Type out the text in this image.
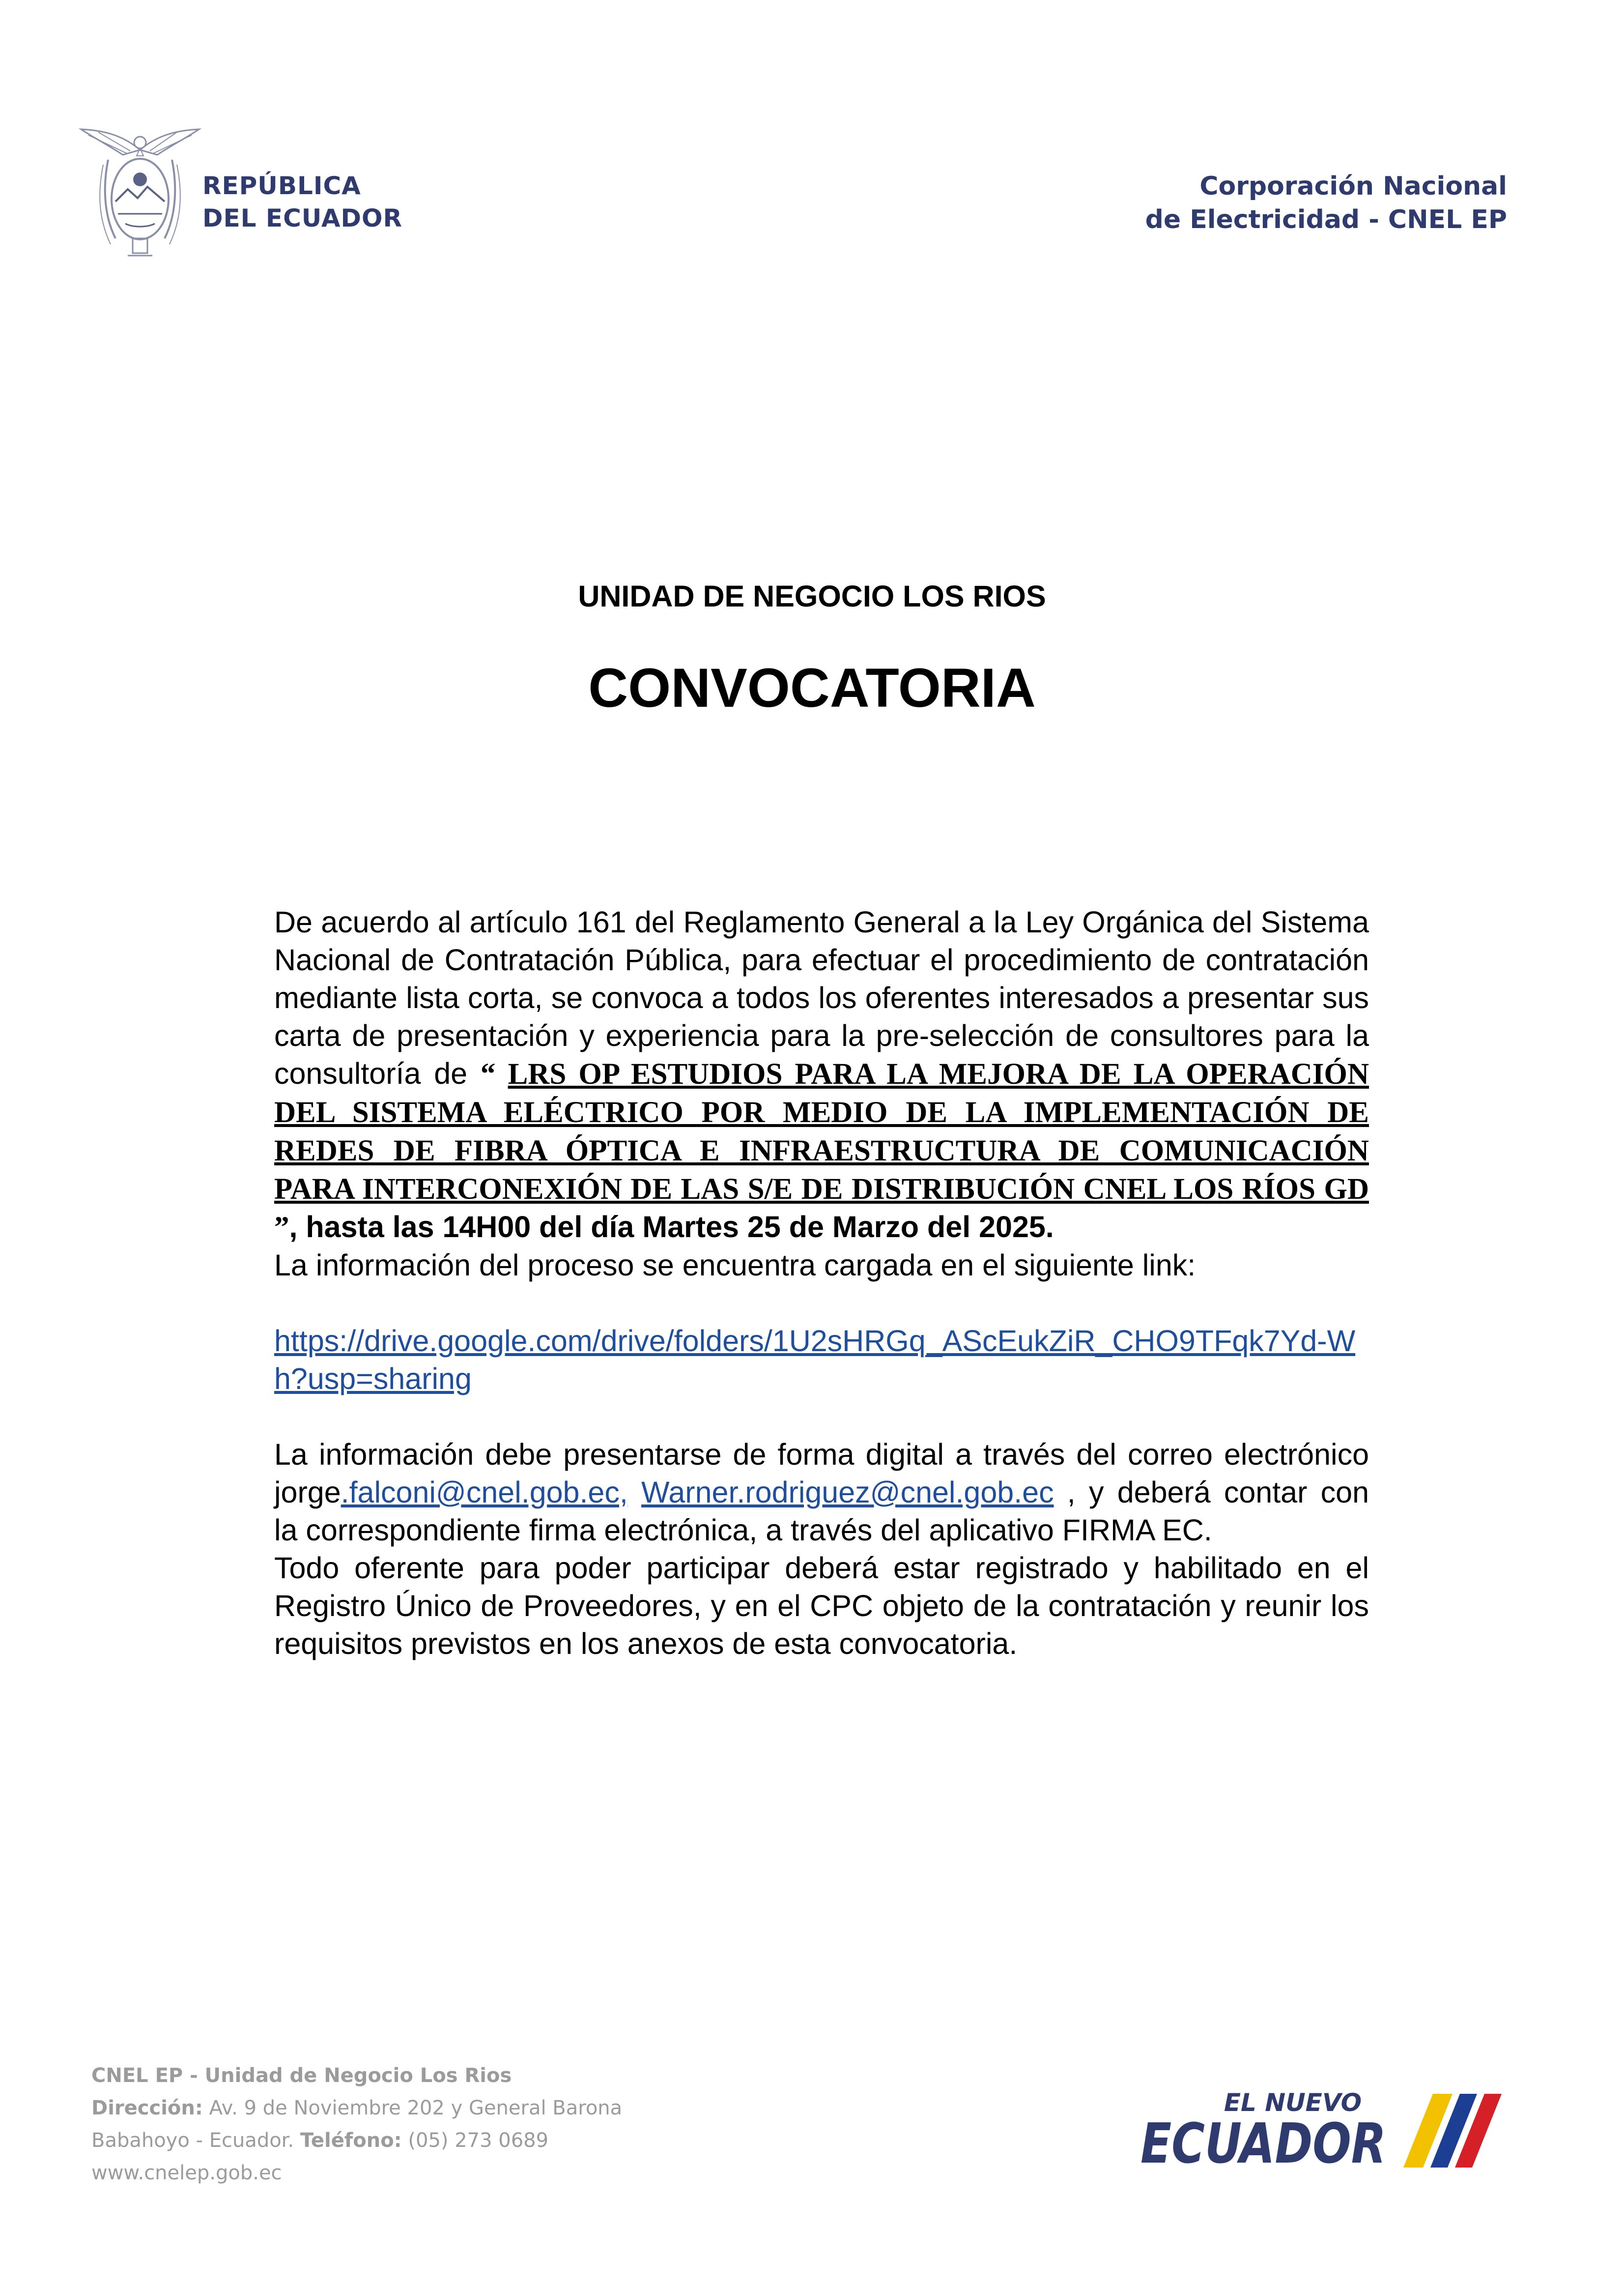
REPÚBLICA
DEL ECUADOR
Corporación Nacional
de Electricidad - CNEL EP
UNIDAD DE NEGOCIO LOS RIOS
CONVOCATORIA

De acuerdo al artículo 161 del Reglamento General a la Ley Orgánica del Sistema Nacional de Contratación Pública, para efectuar el procedimiento de contratación mediante lista corta, se convoca a todos los oferentes interesados a presentar sus carta de presentación y experiencia para la pre-selección de consultores para la consultoría de “ LRS OP ESTUDIOS PARA LA MEJORA DE LA OPERACIÓN DEL SISTEMA ELÉCTRICO POR MEDIO DE LA IMPLEMENTACIÓN DE REDES DE FIBRA ÓPTICA E INFRAESTRUCTURA DE COMUNICACIÓN PARA INTERCONEXIÓN DE LAS S/E DE DISTRIBUCIÓN CNEL LOS RÍOS GD ”, hasta las 14H00 del día Martes 25 de Marzo del 2025.

La información del proceso se encuentra cargada en el siguiente link:

https://drive.google.com/drive/folders/1U2sHRGq_AScEukZiR_CHO9TFqk7Yd-Wh?usp=sharing

La información debe presentarse de forma digital a través del correo electrónico jorge.falconi@cnel.gob.ec, Warner.rodriguez@cnel.gob.ec , y deberá contar con la correspondiente firma electrónica, a través del aplicativo FIRMA EC.

Todo oferente para poder participar deberá estar registrado y habilitado en el Registro Único de Proveedores, y en el CPC objeto de la contratación y reunir los requisitos previstos en los anexos de esta convocatoria.

CNEL EP - Unidad de Negocio Los Rios
Dirección: Av. 9 de Noviembre 202 y General Barona
Babahoyo - Ecuador. Teléfono: (05) 273 0689
www.cnelep.gob.ec
EL NUEVO
ECUADOR
